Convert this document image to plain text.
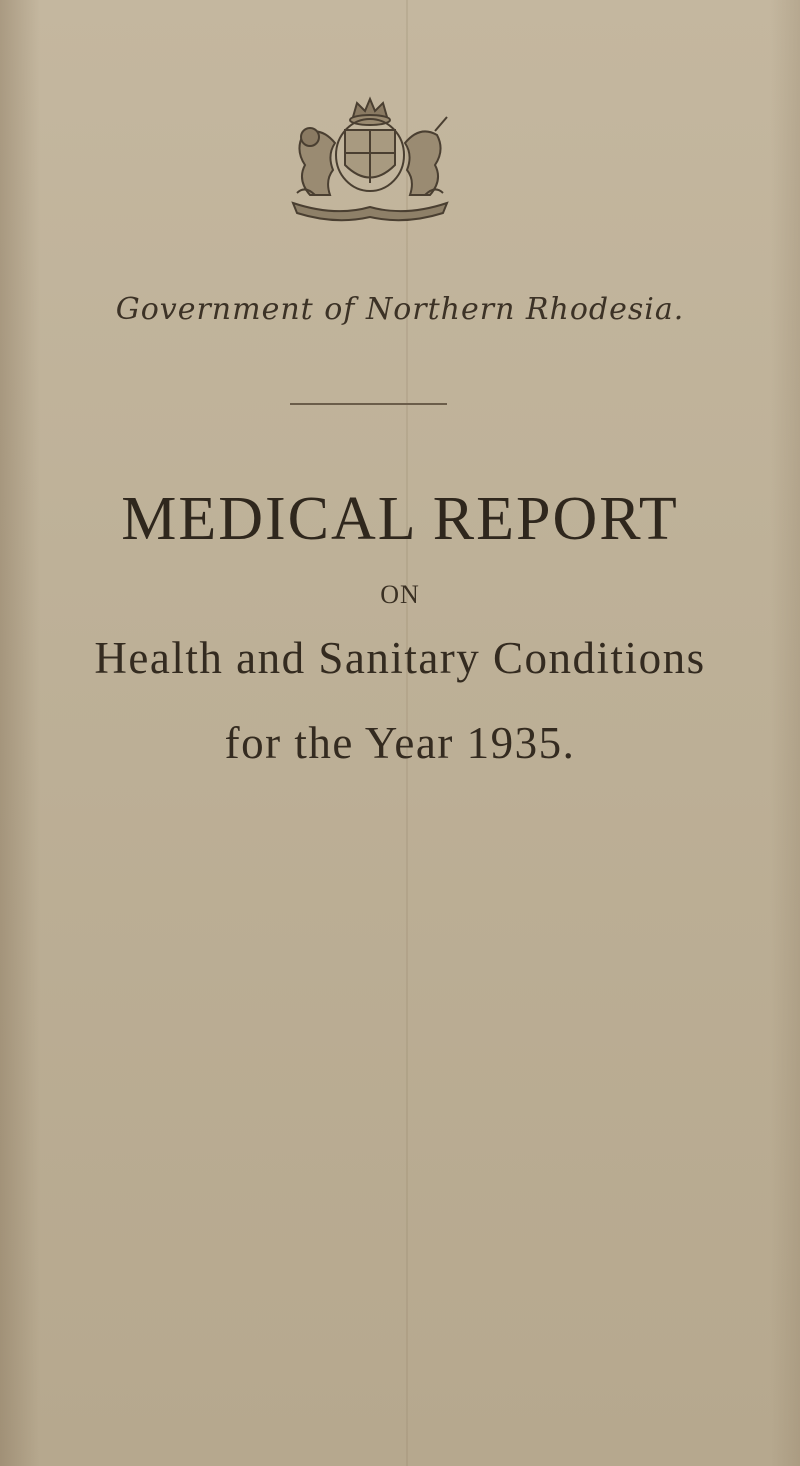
Government of Northern Rhodesia.
MEDICAL REPORT
ON
Health and Sanitary Conditions
for the Year 1935.
